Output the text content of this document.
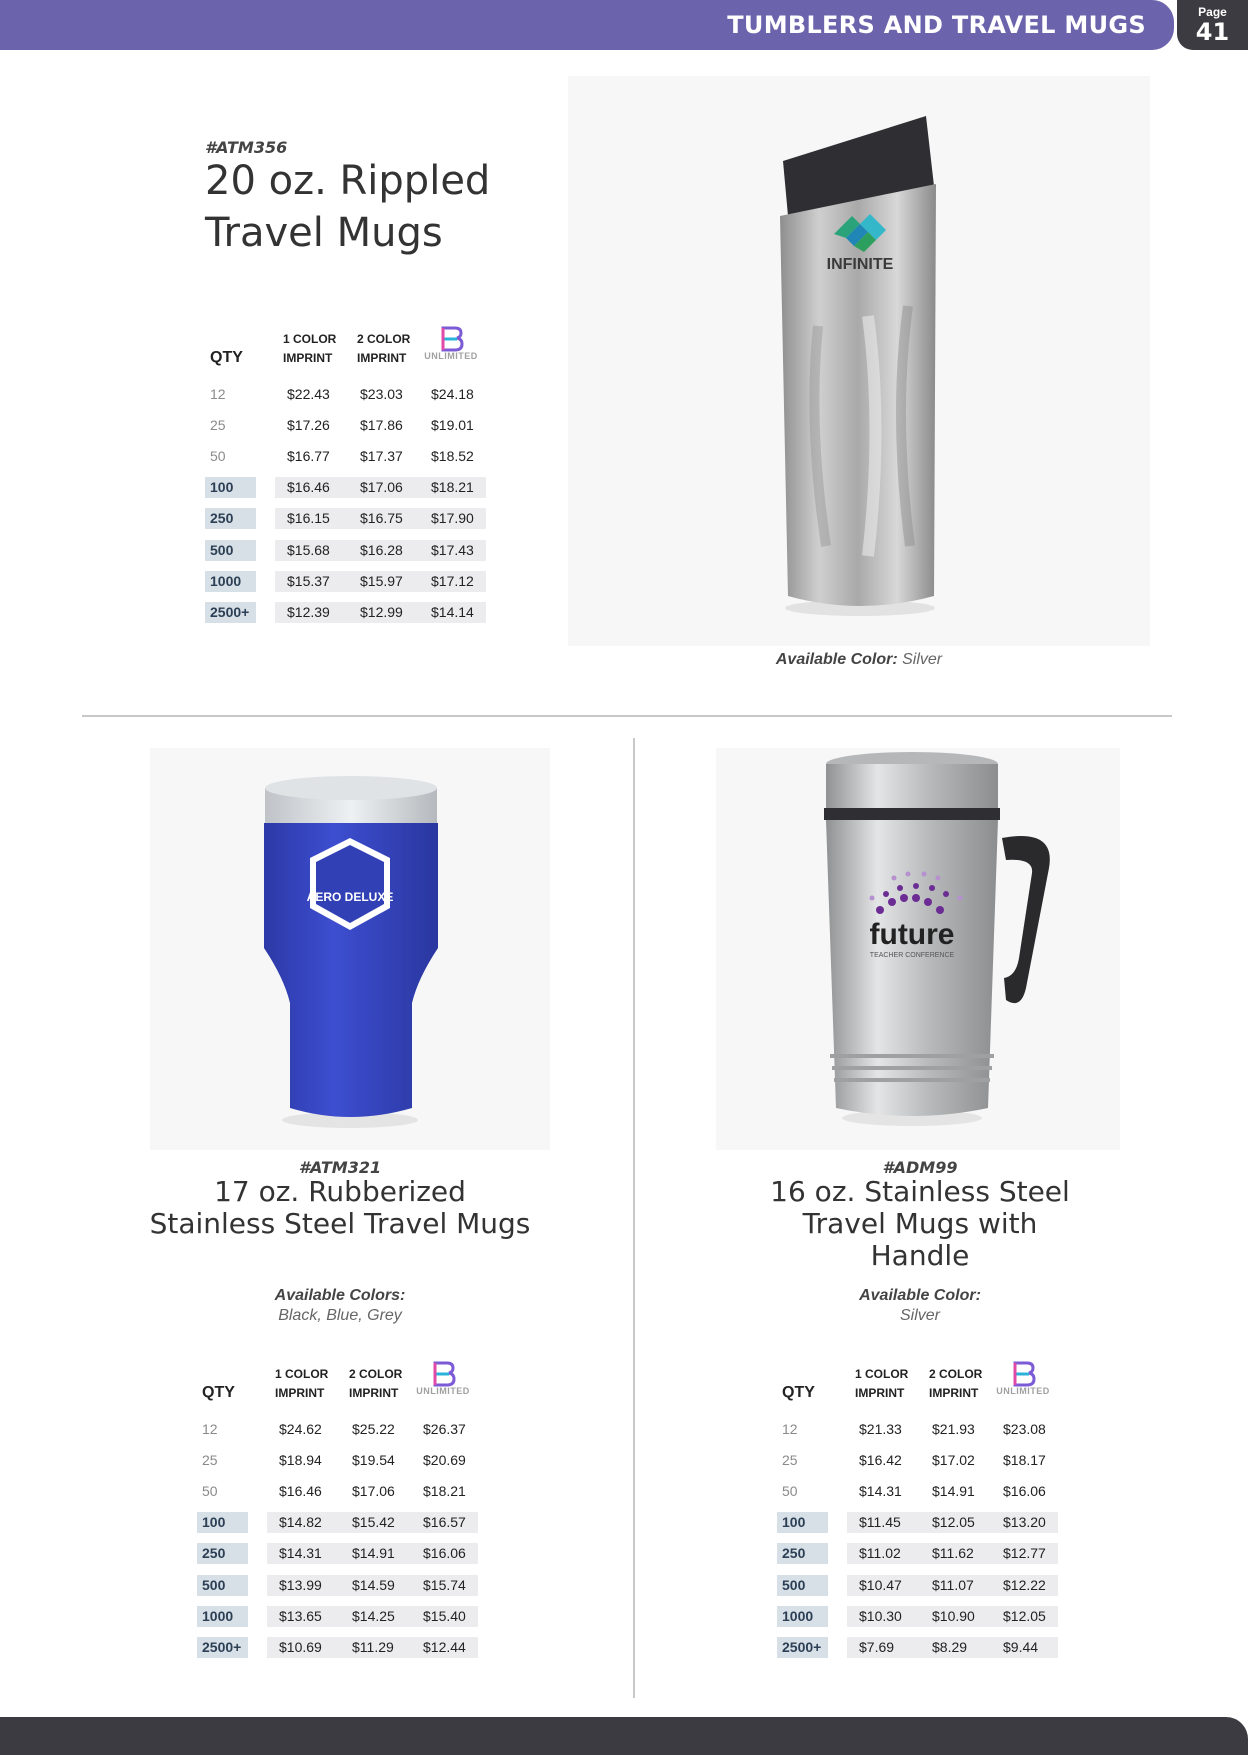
TUMBLERS AND TRAVEL MUGS	Page
41
#ATM356
20 oz. Rippled
Travel Mugs
QTY
1 COLOR
IMPRINT
2 COLOR
IMPRINT	UNLIMITED
12	$22.43 $23.03 $24.18
25	$17.26 $17.86 $19.01
50	$16.77 $17.37 $18.52
100	$16.46 $17.06 $18.21
250	$16.15 $16.75 $17.90
500	$15.68 $16.28 $17.43
1000	$15.37 $15.97 $17.12
2500+	$12.39 $12.99 $14.14
INFINITE
Available Color: Silver
AERO DELUXE
future
TEACHER CONFERENCE
#ATM321
17 oz. Rubberized
Stainless Steel Travel Mugs
Available Colors:
Black, Blue, Grey
QTY
1 COLOR
IMPRINT
2 COLOR
IMPRINT	UNLIMITED
12	$24.62 $25.22 $26.37
25	$18.94 $19.54 $20.69
50	$16.46 $17.06 $18.21
100	$14.82 $15.42 $16.57
250	$14.31 $14.91 $16.06
500	$13.99 $14.59 $15.74
1000	$13.65 $14.25 $15.40
2500+	$10.69 $11.29 $12.44
#ADM99
16 oz. Stainless Steel
Travel Mugs with
Handle
Available Color:
Silver
QTY
1 COLOR
IMPRINT
2 COLOR
IMPRINT	UNLIMITED
12	$21.33 $21.93 $23.08
25	$16.42 $17.02 $18.17
50	$14.31 $14.91 $16.06
100	$11.45 $12.05 $13.20
250	$11.02 $11.62 $12.77
500	$10.47 $11.07 $12.22
1000	$10.30 $10.90 $12.05
2500+	$7.69	$8.29	$9.44
